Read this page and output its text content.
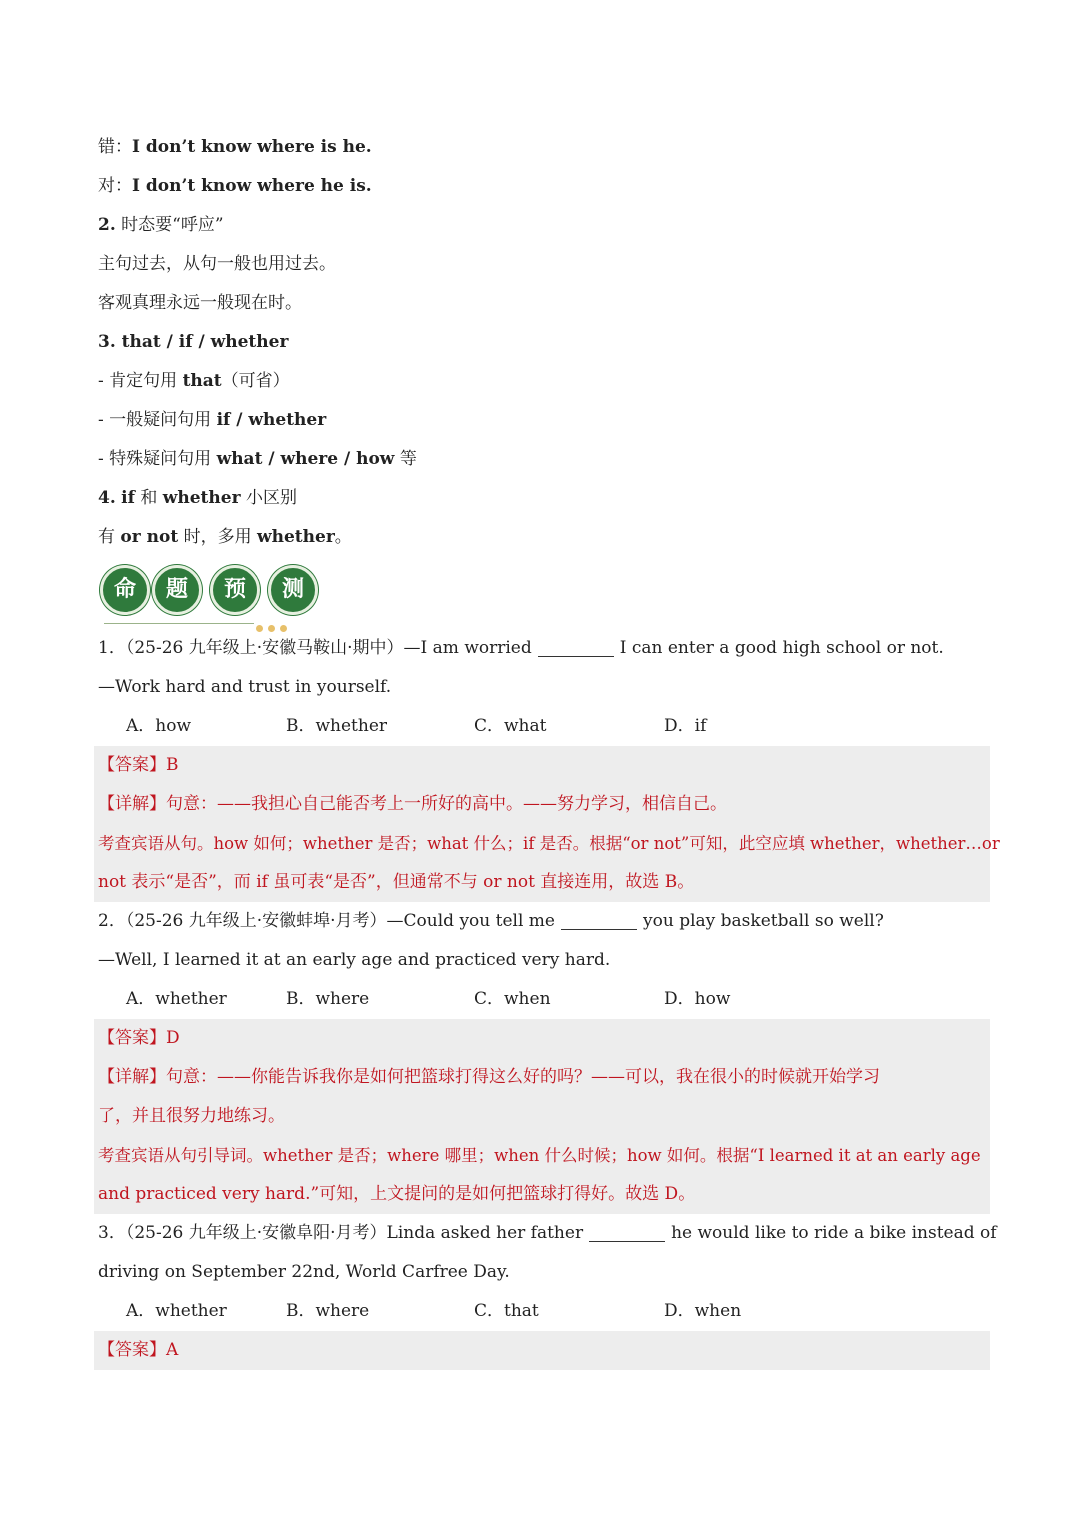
错：I don’t know where is he.
对：I don’t know where he is.
2. 时态要“呼应”
主句过去，从句一般也用过去。
客观真理永远一般现在时。
3. that / if / whether
- 肯定句用 that（可省）
- 一般疑问句用 if / whether
- 特殊疑问句用 what / where / how 等
4. if 和 whether 小区别
有 or not 时，多用 whether。
命	题	预	测
1．（25-26 九年级上·安徽马鞍山·期中）—I am worried	I can enter a good high school or not.
—Work hard and trust in yourself.
A．how	B．whether	C．what	D．if
【答案】B
【详解】句意：——我担心自己能否考上一所好的高中。——努力学习，相信自己。
考查宾语从句。how 如何；whether 是否；what 什么；if 是否。根据“or not”可知，此空应填 whether，whether…or
not 表示“是否”，而 if 虽可表“是否”，但通常不与 or not 直接连用，故选 B。
2．（25-26 九年级上·安徽蚌埠·月考）—Could you tell me	you play basketball so well?
—Well, I learned it at an early age and practiced very hard.
A．whether	B．where	C．when	D．how
【答案】D
【详解】句意：——你能告诉我你是如何把篮球打得这么好的吗？——可以，我在很小的时候就开始学习
了，并且很努力地练习。
考查宾语从句引导词。whether 是否；where 哪里；when 什么时候；how 如何。根据“I learned it at an early age
and practiced very hard.”可知，上文提问的是如何把篮球打得好。故选 D。
3．（25-26 九年级上·安徽阜阳·月考）Linda asked her father	he would like to ride a bike instead of
driving on September 22nd, World Carfree Day.
A．whether	B．where	C．that	D．when
【答案】A
